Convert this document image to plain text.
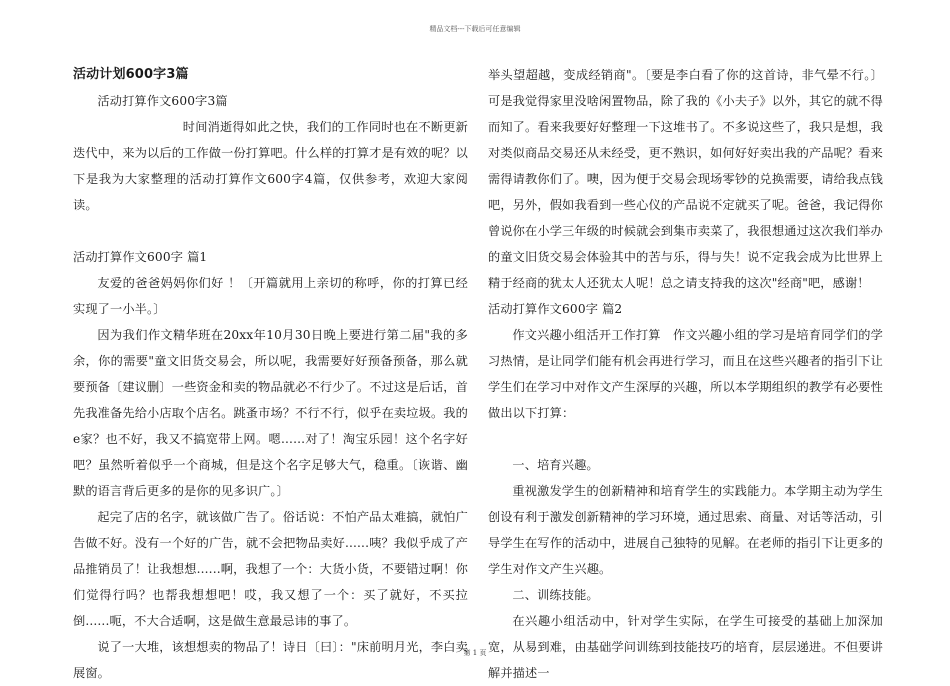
精品文档---下载后可任意编辑

活动计划600字3篇

活动打算作文600字3篇

时间消逝得如此之快，我们的工作同时也在不断更新迭代中，来为以后的工作做一份打算吧。什么样的打算才是有效的呢？以下是我为大家整理的活动打算作文600字4篇，仅供参考，欢迎大家阅读。

活动打算作文600字 篇1

友爱的爸爸妈妈你们好 ！〔开篇就用上亲切的称呼，你的打算已经实现了一小半。〕

因为我们作文精华班在20xx年10月30日晚上要进行第二届"我的多余，你的需要"童文旧货交易会，所以呢，我需要好好预备预备，那么就要预备〔建议删〕一些资金和卖的物品就必不行少了。不过这是后话，首先我准备先给小店取个店名。跳蚤市场？不行不行，似乎在卖垃圾。我的e家？也不好，我又不搞宽带上网。嗯......对了！淘宝乐园！这个名字好吧？虽然听着似乎一个商城，但是这个名字足够大气，稳重。〔诙谐、幽默的语言背后更多的是你的见多识广。〕

起完了店的名字，就该做广告了。俗话说：不怕产品太难搞，就怕广告做不好。没有一个好的广告，就不会把物品卖好......咦？我似乎成了产品推销员了！让我想想......啊，我想了一个：大货小货，不要错过啊！你们觉得行吗？也帮我想想吧！哎，我又想了一个：买了就好，不买拉倒......呃，不大合适啊，这是做生意最忌讳的事了。

说了一大堆，该想想卖的物品了！诗日〔曰〕："床前明月光，李白卖展窗。

举头望超越，变成经销商"。〔要是李白看了你的这首诗，非气晕不行。〕可是我觉得家里没啥闲置物品，除了我的《小夫子》以外，其它的就不得而知了。看来我要好好整理一下这堆书了。不多说这些了，我只是想，我对类似商品交易还从未经受，更不熟识，如何好好卖出我的产品呢？看来需得请教你们了。噢，因为便于交易会现场零钞的兑换需要，请给我点钱吧，另外，假如我看到一些心仪的产品说不定就买了呢。爸爸，我记得你曾说你在小学三年级的时候就会到集市卖菜了，我很想通过这次我们举办的童文旧货交易会体验其中的苦与乐，得与失！说不定我会成为比世界上精于经商的犹太人还犹太人呢！总之请支持我的这次"经商"吧，感谢！

活动打算作文600字 篇2

作文兴趣小组活开工作打算　作文兴趣小组的学习是培育同学们的学习热情，是让同学们能有机会再进行学习，而且在这些兴趣者的指引下让学生们在学习中对作文产生深厚的兴趣，所以本学期组织的教学有必要性做出以下打算：

一、培育兴趣。

重视激发学生的创新精神和培育学生的实践能力。本学期主动为学生创设有利于激发创新精神的学习环境，通过思索、商量、对话等活动，引导学生在写作的活动中，进展自己独特的见解。在老师的指引下让更多的学生对作文产生兴趣。

二、训练技能。

在兴趣小组活动中，针对学生实际，在学生可接受的基础上加深加宽，从易到难，由基础学问训练到技能技巧的培育，层层递进。不但要讲解并描述一

第 1 页
